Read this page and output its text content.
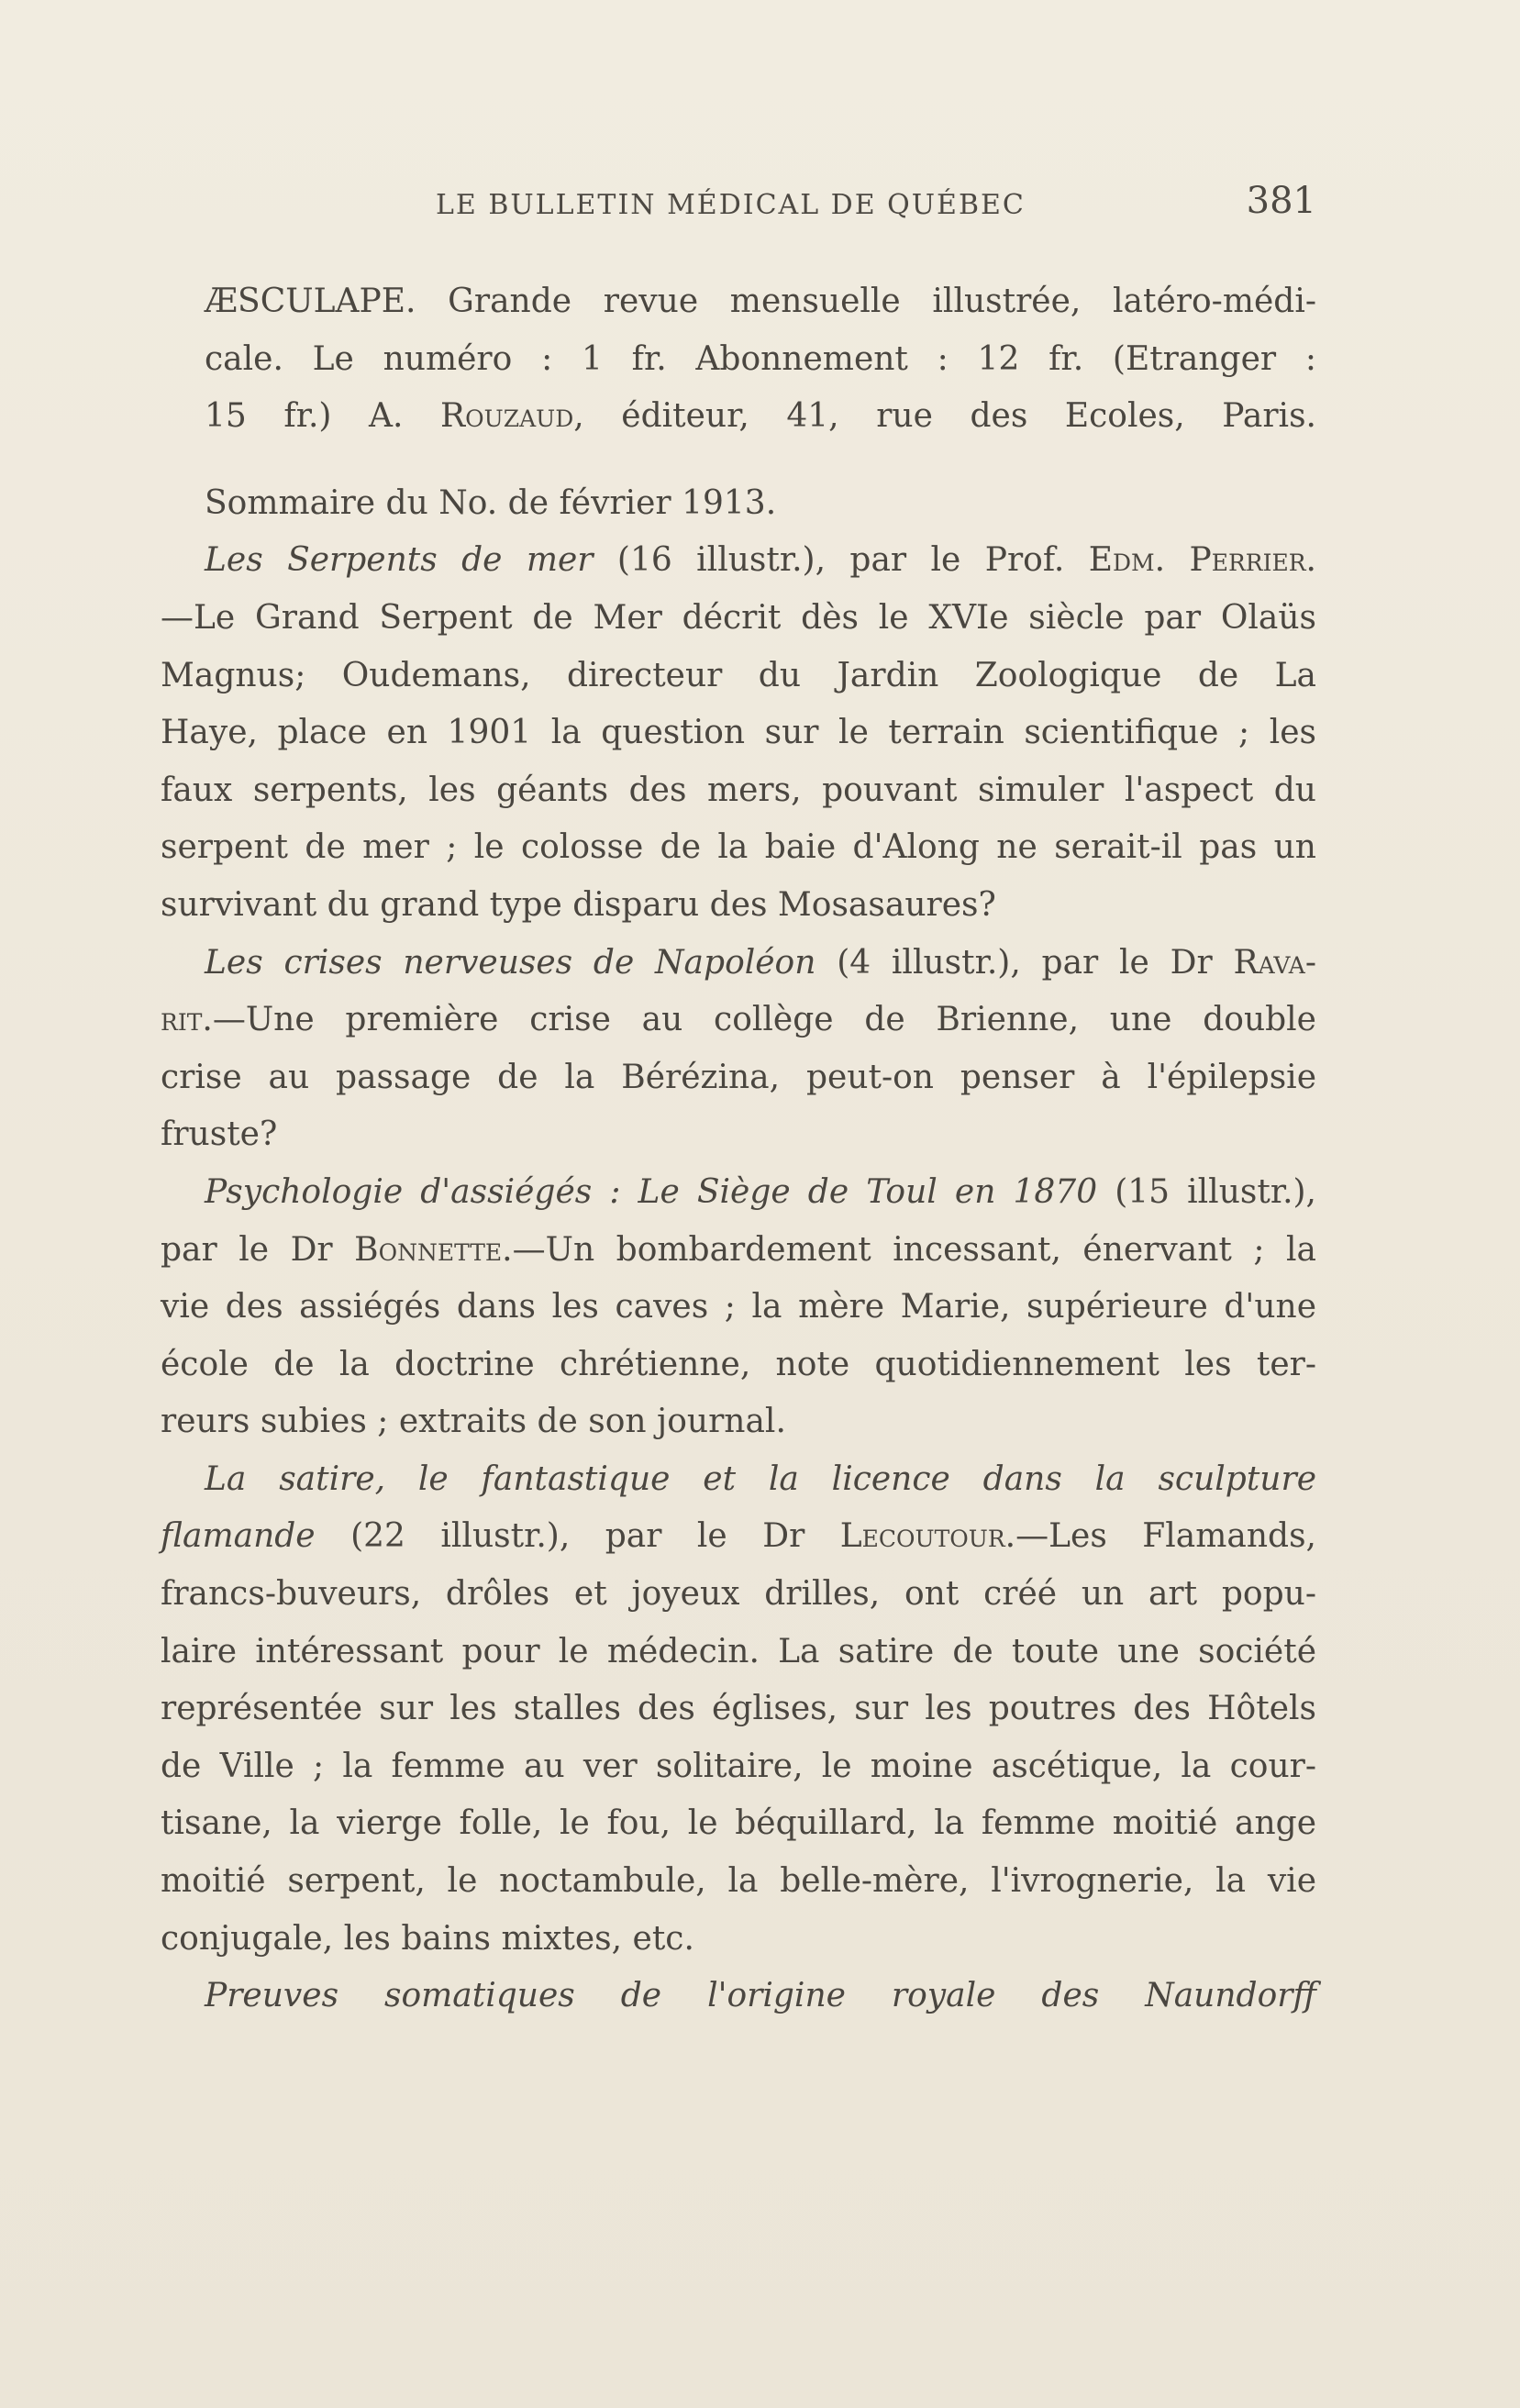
LE BULLETIN MÉDICAL DE QUÉBEC	381

ÆSCULAPE. Grande revue mensuelle illustrée, latéro-médi-

cale. Le numéro : 1 fr. Abonnement : 12 fr. (Etranger :

15 fr.) A. Rouzaud, éditeur, 41, rue des Ecoles, Paris.

Sommaire du No. de février 1913.

Les Serpents de mer (16 illustr.), par le Prof. Edm. Perrier.

—Le Grand Serpent de Mer décrit dès le XVIe siècle par Olaüs

Magnus; Oudemans, directeur du Jardin Zoologique de La

Haye, place en 1901 la question sur le terrain scientifique ; les

faux serpents, les géants des mers, pouvant simuler l'aspect du

serpent de mer ; le colosse de la baie d'Along ne serait-il pas un

survivant du grand type disparu des Mosasaures?

Les crises nerveuses de Napoléon (4 illustr.), par le Dr Rava-

rit.—Une première crise au collège de Brienne, une double

crise au passage de la Bérézina, peut-on penser à l'épilepsie

fruste?

Psychologie d'assiégés : Le Siège de Toul en 1870 (15 illustr.),

par le Dr Bonnette.—Un bombardement incessant, énervant ; la

vie des assiégés dans les caves ; la mère Marie, supérieure d'une

école de la doctrine chrétienne, note quotidiennement les ter-

reurs subies ; extraits de son journal.

La satire, le fantastique et la licence dans la sculpture

flamande (22 illustr.), par le Dr Lecoutour.—Les Flamands,

francs-buveurs, drôles et joyeux drilles, ont créé un art popu-

laire intéressant pour le médecin. La satire de toute une société

représentée sur les stalles des églises, sur les poutres des Hôtels

de Ville ; la femme au ver solitaire, le moine ascétique, la cour-

tisane, la vierge folle, le fou, le béquillard, la femme moitié ange

moitié serpent, le noctambule, la belle-mère, l'ivrognerie, la vie

conjugale, les bains mixtes, etc.

Preuves somatiques de l'origine royale des Naundorff
